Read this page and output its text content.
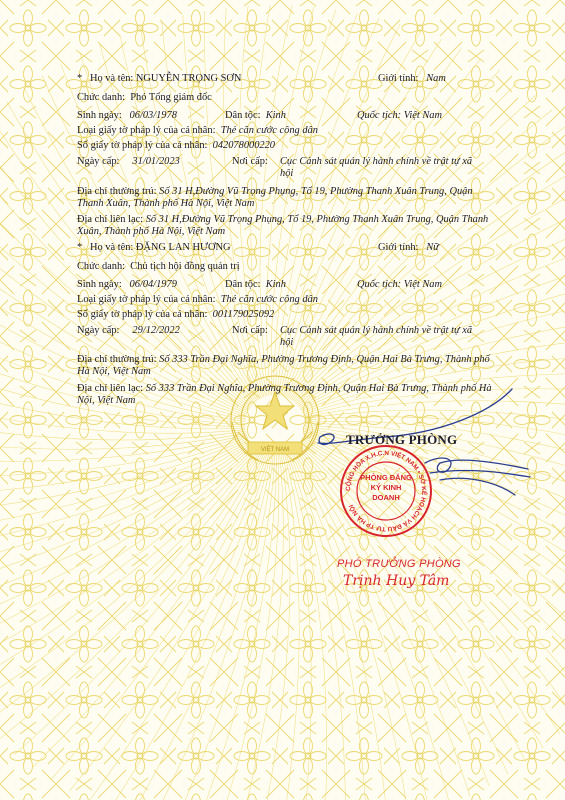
VIỆT NAM
*   Họ và tên: NGUYỄN TRỌNG SƠN	Giới tính: Nam
Chức danh: Phó Tổng giám đốc
Sinh ngày: 06/03/1978	Dân tộc: Kinh	Quốc tịch: Việt Nam
Loại giấy tờ pháp lý của cá nhân: Thẻ căn cước công dân
Số giấy tờ pháp lý của cá nhân: 042078000220
Ngày cấp: 31/01/2023	Nơi cấp: Cục Cảnh sát quản lý hành chính về trật tự xã hội
Địa chỉ thường trú: Số 31 H,Đường Vũ Trọng Phụng, Tổ 19, Phường Thanh Xuân Trung, Quận Thanh Xuân, Thành phố Hà Nội, Việt Nam
Địa chỉ liên lạc: Số 31 H,Đường Vũ Trọng Phụng, Tổ 19, Phường Thanh Xuân Trung, Quận Thanh Xuân, Thành phố Hà Nội, Việt Nam
*   Họ và tên: ĐẶNG LAN HƯƠNG	Giới tính: Nữ
Chức danh: Chủ tịch hội đồng quản trị
Sinh ngày: 06/04/1979	Dân tộc: Kinh	Quốc tịch: Việt Nam
Loại giấy tờ pháp lý của cá nhân: Thẻ căn cước công dân
Số giấy tờ pháp lý của cá nhân: 001179025092
Ngày cấp: 29/12/2022	Nơi cấp: Cục Cảnh sát quản lý hành chính về trật tự xã hội
Địa chỉ thường trú: Số 333 Trần Đại Nghĩa, Phường Trương Định, Quận Hai Bà Trưng, Thành phố Hà Nội, Việt Nam
Địa chỉ liên lạc: Số 333 Trần Đại Nghĩa, Phường Trương Định, Quận Hai Bà Trưng, Thành phố Hà Nội, Việt Nam
TRƯỞNG PHÒNG
CỘNG HÒA X.H.C.N VIỆT NAM • SỞ KẾ HOẠCH VÀ ĐẦU TƯ TP HÀ NỘI
PHÒNG ĐĂNG KÝ KINH DOANH
PHÓ TRƯỞNG PHÒNG
Trịnh Huy Tâm
